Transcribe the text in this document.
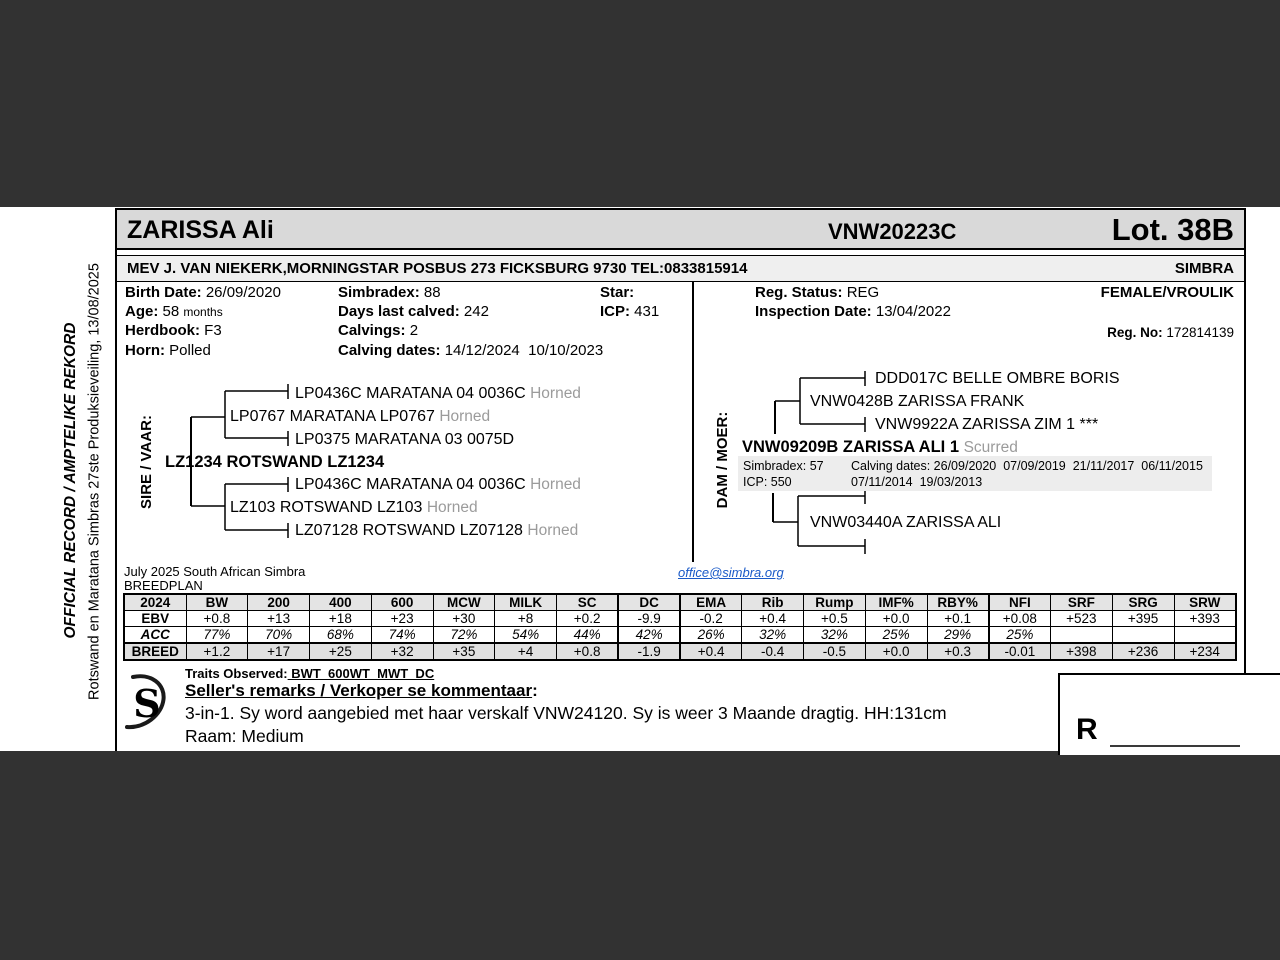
OFFICIAL RECORD / AMPTELIKE REKORD Rotswand en Maratana Simbras 27ste Produksieveiling, 13/08/2025
ZARISSA Ali	VNW20223C	Lot. 38B
MEV J. VAN NIEKERK,MORNINGSTAR POSBUS 273 FICKSBURG 9730 TEL:0833815914	SIMBRA
Birth Date: 26/09/2020
Age: 58 months
Herdbook: F3
Horn: Polled
Simbradex: 88
Days last calved: 242
Calvings: 2
Calving dates: 14/12/2024  10/10/2023
Star:
ICP: 431
Reg. Status: REG
Inspection Date: 13/04/2022
FEMALE/VROULIK
Reg. No: 172814139
SIRE / VAAR:
LP0436C MARATANA 04 0036C Horned
LP0767 MARATANA LP0767 Horned
LP0375 MARATANA 03 0075D
LZ1234 ROTSWAND LZ1234
LP0436C MARATANA 04 0036C Horned
LZ103 ROTSWAND LZ103 Horned
LZ07128 ROTSWAND LZ07128 Horned
DAM / MOER:
DDD017C BELLE OMBRE BORIS
VNW0428B ZARISSA FRANK
VNW9922A ZARISSA ZIM 1 ***
VNW09209B ZARISSA ALI 1 Scurred
Simbradex: 57
ICP: 550
Calving dates: 26/09/2020  07/09/2019  21/11/2017  06/11/2015
07/11/2014  19/03/2013
VNW03440A ZARISSA ALI
July 2025 South African Simbra
BREEDPLAN
office@simbra.org
2024	BW	200	400	600	MCW	MILK	SC	DC	EMA	Rib	Rump	IMF%	RBY%	NFI	SRF	SRG	SRW
EBV	+0.8	+13	+18	+23	+30	+8	+0.2	-9.9	-0.2	+0.4	+0.5	+0.0	+0.1	+0.08	+523	+395	+393
ACC	77%	70%	68%	74%	72%	54%	44%	42%	26%	32%	32%	25%	29%	25%			
BREED	+1.2	+17	+25	+32	+35	+4	+0.8	-1.9	+0.4	-0.4	-0.5	+0.0	+0.3	-0.01	+398	+236	+234
Traits Observed: BWT  600WT  MWT  DC
Seller's remarks / Verkoper se kommentaar:
3-in-1. Sy word aangebied met haar verskalf VNW24120. Sy is weer 3 Maande dragtig. HH:131cm
Raam: Medium
S
R
